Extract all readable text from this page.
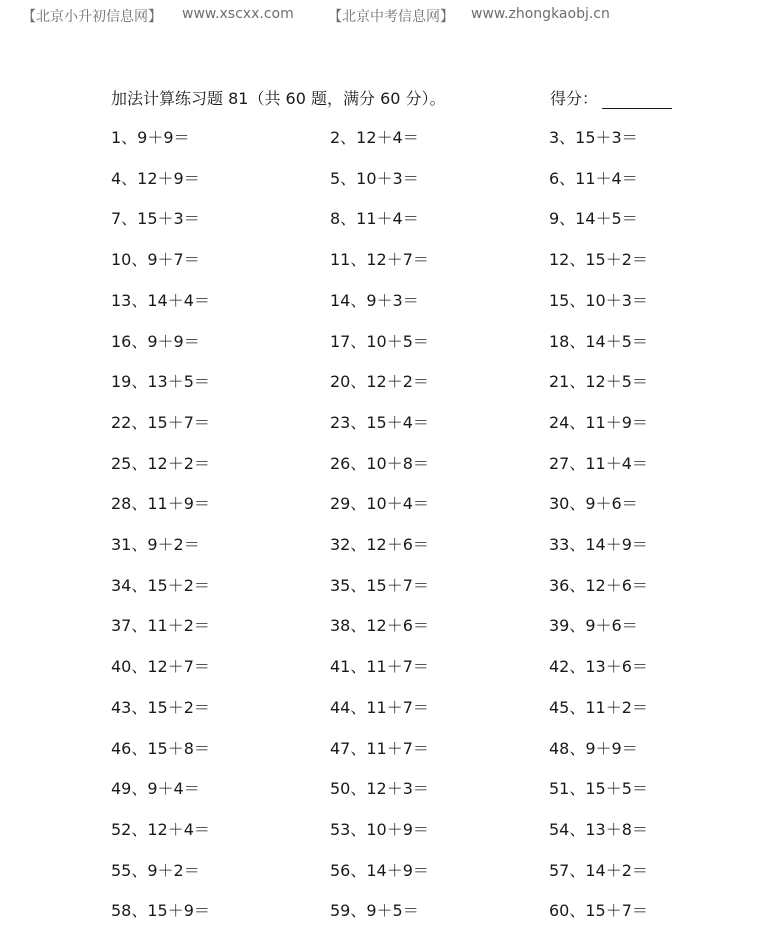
【北京小升初信息网】 www.xscxx.com 【北京中考信息网】 www.zhongkaobj.cn
加法计算练习题 81（共 60 题，满分 60 分）。	得分：
1、9＋9＝	2、12＋4＝	3、15＋3＝
4、12＋9＝	5、10＋3＝	6、11＋4＝
7、15＋3＝	8、11＋4＝	9、14＋5＝
10、9＋7＝	11、12＋7＝	12、15＋2＝
13、14＋4＝	14、9＋3＝	15、10＋3＝
16、9＋9＝	17、10＋5＝	18、14＋5＝
19、13＋5＝	20、12＋2＝	21、12＋5＝
22、15＋7＝	23、15＋4＝	24、11＋9＝
25、12＋2＝	26、10＋8＝	27、11＋4＝
28、11＋9＝	29、10＋4＝	30、9＋6＝
31、9＋2＝	32、12＋6＝	33、14＋9＝
34、15＋2＝	35、15＋7＝	36、12＋6＝
37、11＋2＝	38、12＋6＝	39、9＋6＝
40、12＋7＝	41、11＋7＝	42、13＋6＝
43、15＋2＝	44、11＋7＝	45、11＋2＝
46、15＋8＝	47、11＋7＝	48、9＋9＝
49、9＋4＝	50、12＋3＝	51、15＋5＝
52、12＋4＝	53、10＋9＝	54、13＋8＝
55、9＋2＝	56、14＋9＝	57、14＋2＝
58、15＋9＝	59、9＋5＝	60、15＋7＝
